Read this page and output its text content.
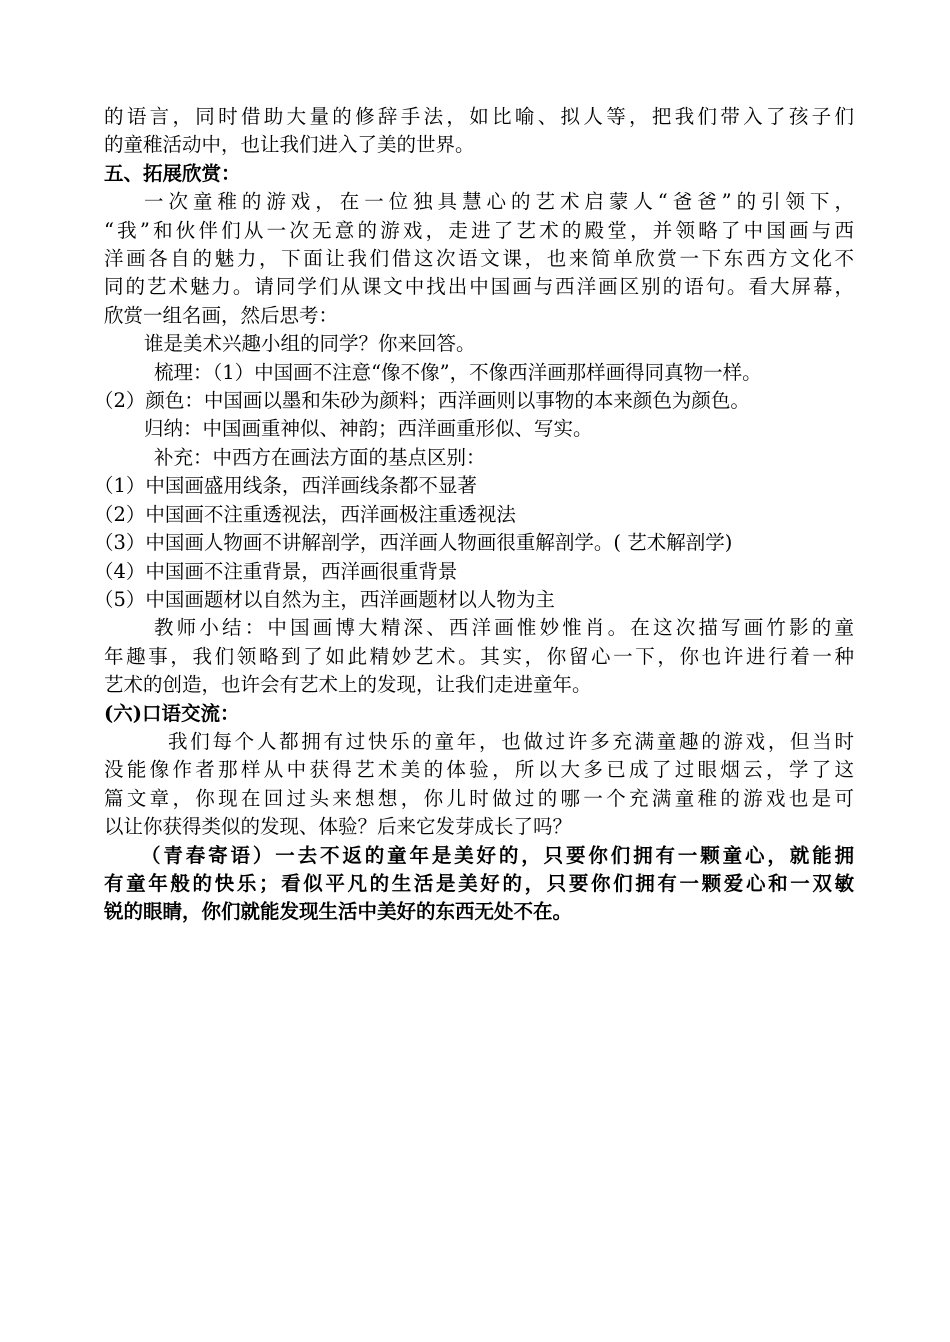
的语言，同时借助大量的修辞手法，如比喻、拟人等，把我们带入了孩子们
的童稚活动中，也让我们进入了美的世界。
五、拓展欣赏：
一次童稚的游戏，在一位独具慧心的艺术启蒙人“爸爸”的引领下，
“我”和伙伴们从一次无意的游戏，走进了艺术的殿堂，并领略了中国画与西
洋画各自的魅力，下面让我们借这次语文课，也来简单欣赏一下东西方文化不
同的艺术魅力。请同学们从课文中找出中国画与西洋画区别的语句。看大屏幕，
欣赏一组名画，然后思考：
谁是美术兴趣小组的同学？你来回答。
梳理：（1）中国画不注意“像不像”，不像西洋画那样画得同真物一样。
（2）颜色：中国画以墨和朱砂为颜料；西洋画则以事物的本来颜色为颜色。
归纳：中国画重神似、神韵；西洋画重形似、写实。
补充：中西方在画法方面的基点区别：
（1）中国画盛用线条，西洋画线条都不显著
（2）中国画不注重透视法，西洋画极注重透视法
（3）中国画人物画不讲解剖学，西洋画人物画很重解剖学。( 艺术解剖学)
（4）中国画不注重背景，西洋画很重背景
（5）中国画题材以自然为主，西洋画题材以人物为主
教师小结：中国画博大精深、西洋画惟妙惟肖。在这次描写画竹影的童
年趣事，我们领略到了如此精妙艺术。其实，你留心一下，你也许进行着一种
艺术的创造，也许会有艺术上的发现，让我们走进童年。
(六)口语交流：
我们每个人都拥有过快乐的童年，也做过许多充满童趣的游戏，但当时
没能像作者那样从中获得艺术美的体验，所以大多已成了过眼烟云，学了这
篇文章，你现在回过头来想想，你儿时做过的哪一个充满童稚的游戏也是可
以让你获得类似的发现、体验？后来它发芽成长了吗？
（青春寄语）一去不返的童年是美好的，只要你们拥有一颗童心，就能拥
有童年般的快乐；看似平凡的生活是美好的，只要你们拥有一颗爱心和一双敏
锐的眼睛，你们就能发现生活中美好的东西无处不在。
